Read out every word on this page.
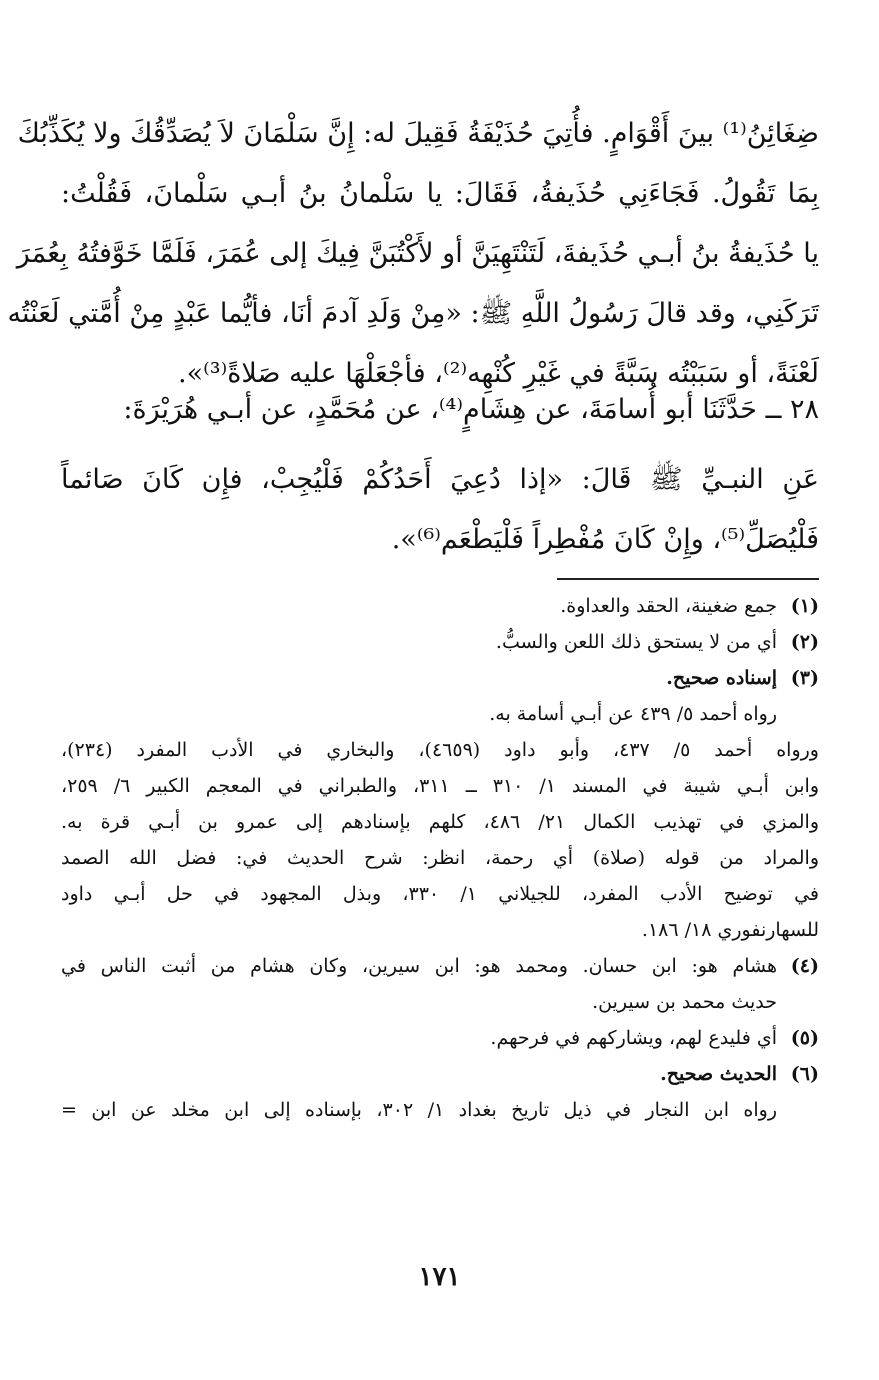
ضِغَائِنُ⁽¹⁾ بينَ أَقْوَامٍ. فأُتِيَ حُذَيْفَةُ فَقِيلَ له: إِنَّ سَلْمَانَ لاَ يُصَدِّقُكَ ولا يُكَذِّبُكَ
بِمَا تَقُولُ. فَجَاءَنِي حُذَيفةُ، فَقَالَ: يا سَلْمانُ بنُ أبـي سَلْمانَ، فَقُلْتُ:
يا حُذَيفةُ بنُ أبـي حُذَيفةَ، لَتَنْتَهِيَنَّ أو لأَكْتُبَنَّ فِيكَ إلى عُمَرَ، فَلَمَّا خَوَّفتُهُ بِعُمَرَ
تَرَكَنِي، وقد قالَ رَسُولُ اللَّهِ ﷺ: «مِنْ وَلَدِ آدمَ أنَا، فأيُّما عَبْدٍ مِنْ أُمَّتي لَعَنْتُه
لَعْنَةً، أو سَبَبْتُه سَبَّةً في غَيْرِ كُنْهِه⁽²⁾، فأجْعَلْهَا عليه صَلاةً⁽³⁾».
٢٨ ــ حَدَّثَنَا أبو أُسامَةَ، عن هِشَامٍ⁽⁴⁾، عن مُحَمَّدٍ، عن أبـي هُرَيْرَةَ:
عَنِ النبـيِّ ﷺ قَالَ: «إذا دُعِيَ أَحَدُكُمْ فَلْيُجِبْ، فإِن كَانَ صَائماً
فَلْيُصَلِّ⁽⁵⁾، وإِنْ كَانَ مُفْطِراً فَلْيَطْعَم⁽⁶⁾».
(١)
جمع ضغينة، الحقد والعداوة.
(٢)
أي من لا يستحق ذلك اللعن والسبُّ.
(٣)
إسناده صحيح.
رواه أحمد ٥/ ٤٣٩ عن أبـي أسامة به.
ورواه أحمد ٥/ ٤٣٧، وأبو داود (٤٦٥٩)، والبخاري في الأدب المفرد (٢٣٤)،
وابن أبـي شيبة في المسند ١/ ٣١٠ ــ ٣١١، والطبراني في المعجم الكبير ٦/ ٢٥٩،
والمزي في تهذيب الكمال ٢١/ ٤٨٦، كلهم بإسنادهم إلى عمرو بن أبـي قرة به.
والمراد من قوله (صلاة) أي رحمة، انظر: شرح الحديث في: فضل الله الصمد
في توضيح الأدب المفرد، للجيلاني ١/ ٣٣٠، وبذل المجهود في حل أبـي داود
للسهارنفوري ١٨/ ١٨٦.
(٤)
هشام هو: ابن حسان. ومحمد هو: ابن سيرين، وكان هشام من أثبت الناس في
حديث محمد بن سيرين.
(٥)
أي فليدع لهم، ويشاركهم في فرحهم.
(٦)
الحديث صحيح.
رواه ابن النجار في ذيل تاريخ بغداد ١/ ٣٠٢، بإسناده إلى ابن مخلد عن ابن =
١٧١
